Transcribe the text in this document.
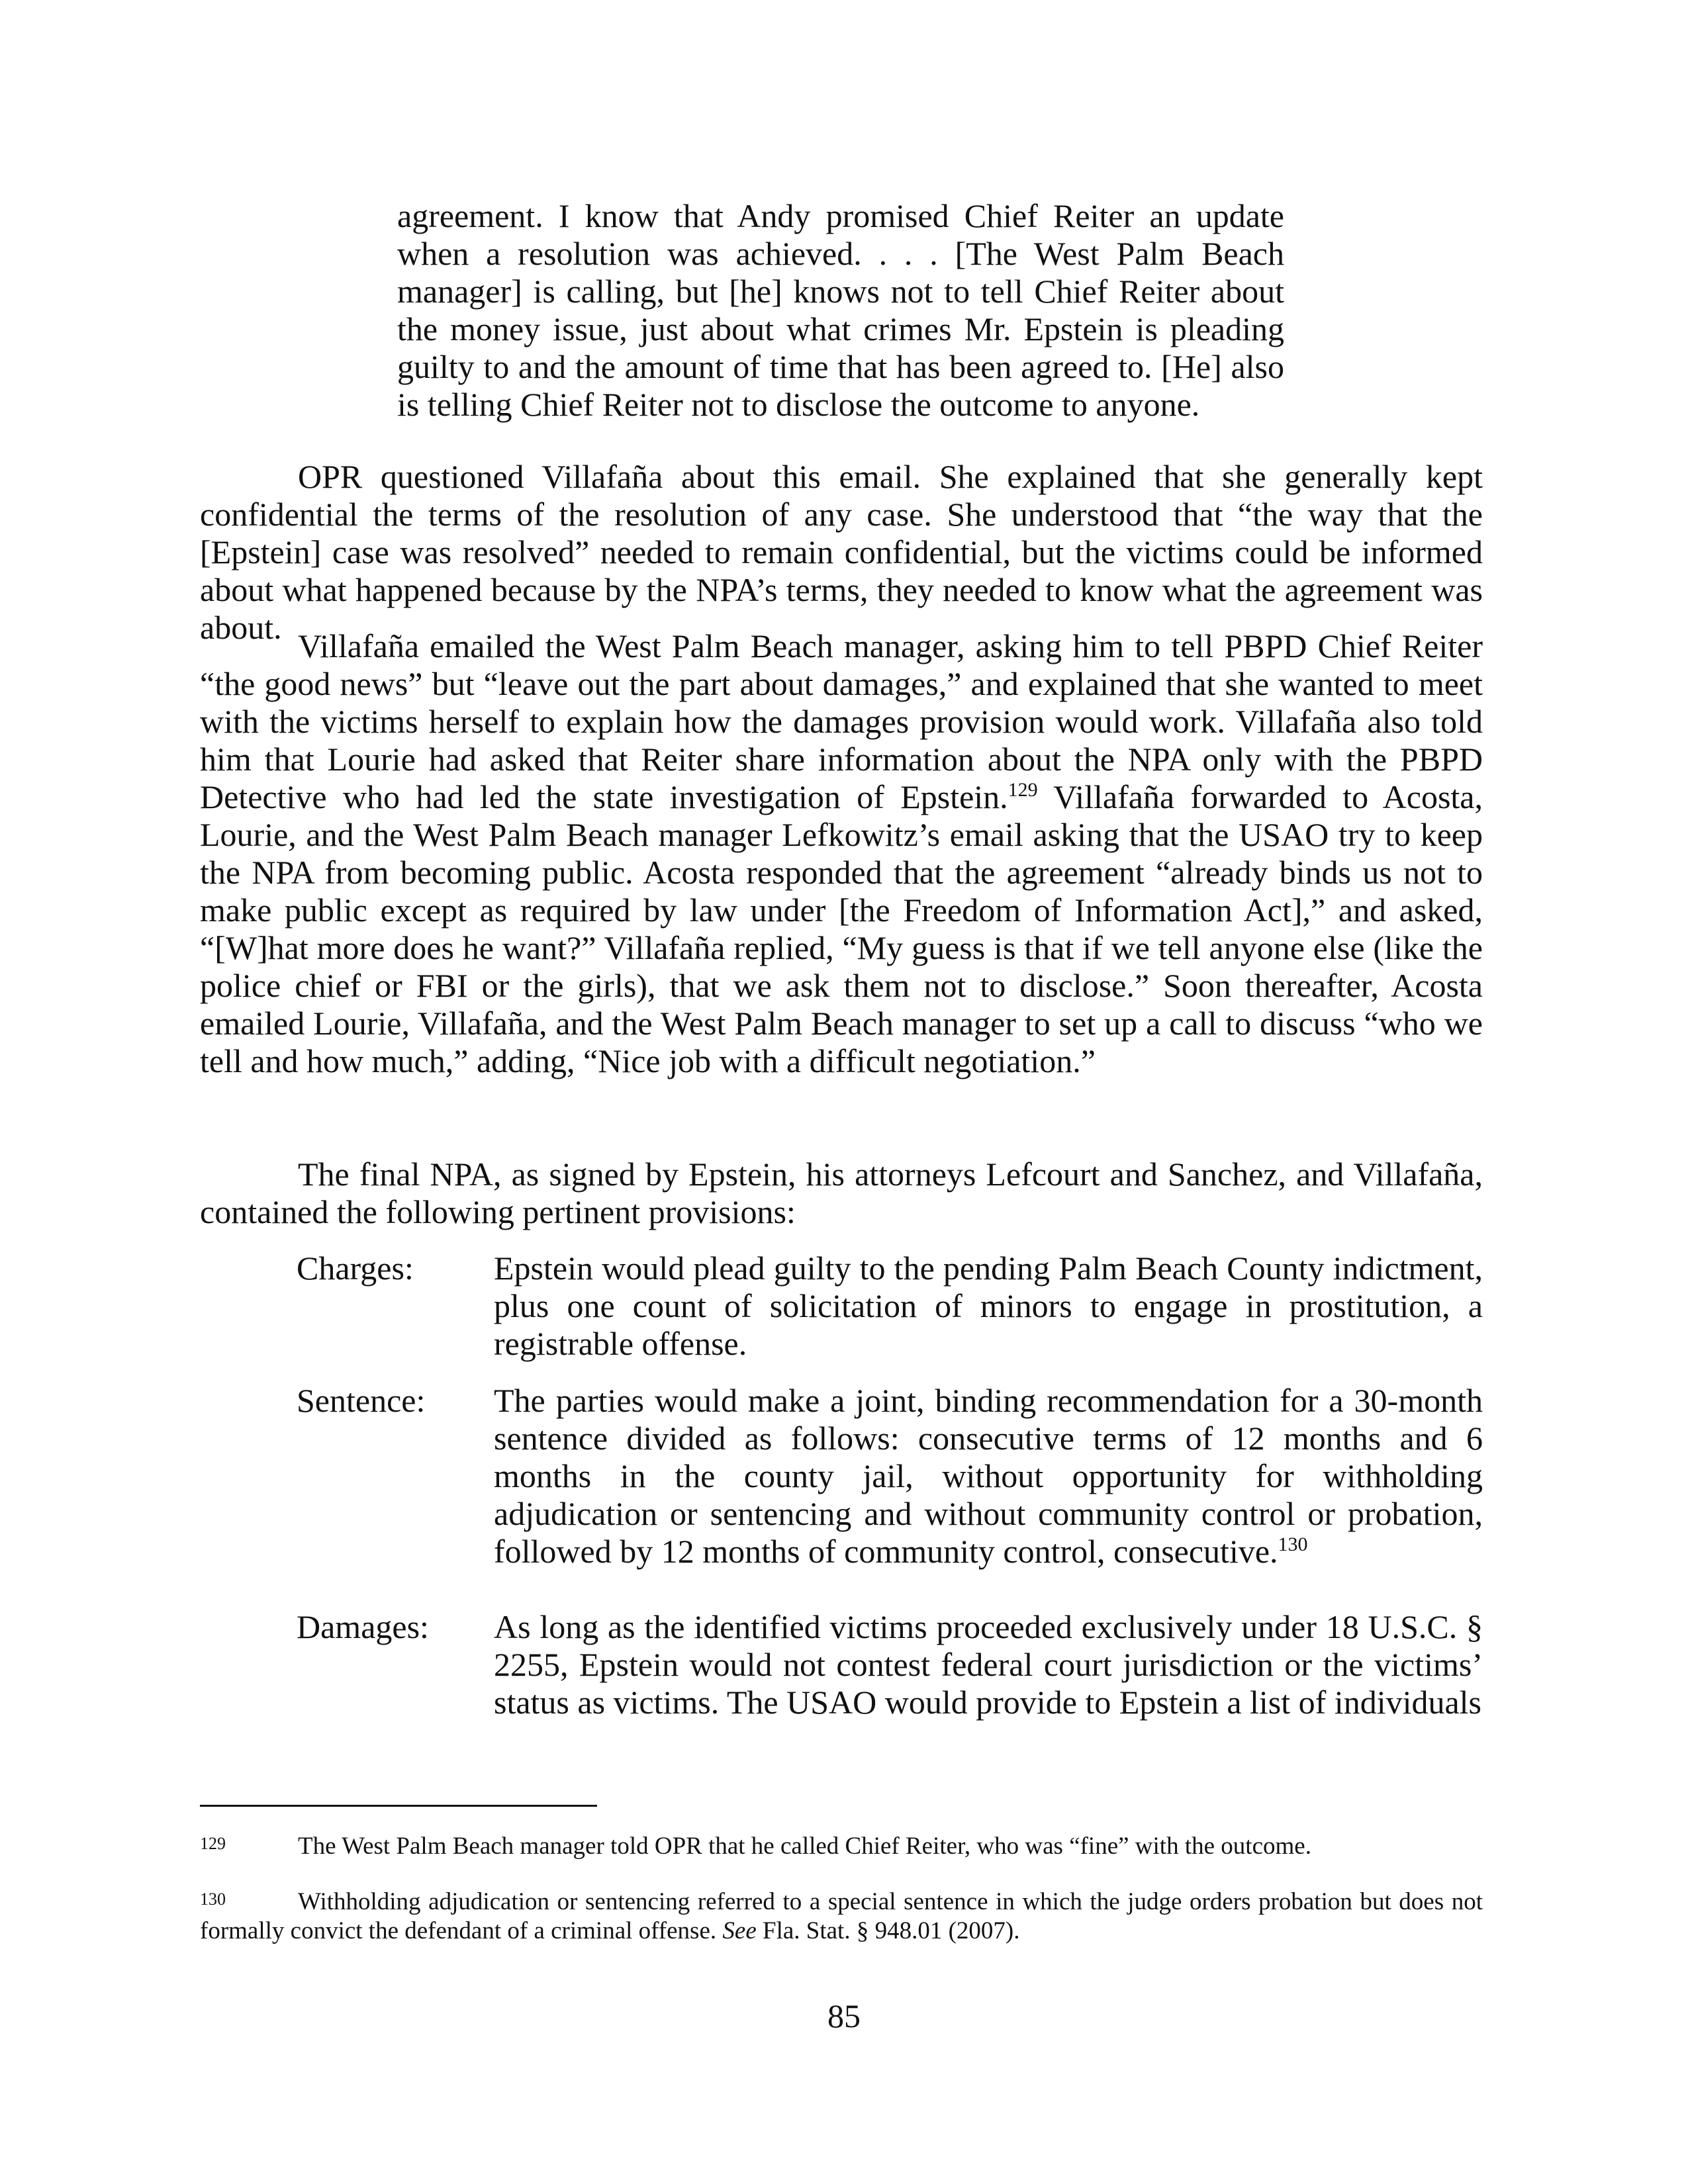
agreement. I know that Andy promised Chief Reiter an update when a resolution was achieved. . . . [The West Palm Beach manager] is calling, but [he] knows not to tell Chief Reiter about the money issue, just about what crimes Mr. Epstein is pleading guilty to and the amount of time that has been agreed to. [He] also is telling Chief Reiter not to disclose the outcome to anyone.

OPR questioned Villafaña about this email. She explained that she generally kept confidential the terms of the resolution of any case. She understood that “the way that the [Epstein] case was resolved” needed to remain confidential, but the victims could be informed about what happened because by the NPA’s terms, they needed to know what the agreement was about. Villafaña emailed the West Palm Beach manager, asking him to tell PBPD Chief Reiter “the good news” but “leave out the part about damages,” and explained that she wanted to meet with the victims herself to explain how the damages provision would work. Villafaña also told him that Lourie had asked that Reiter share information about the NPA only with the PBPD Detective who had led the state investigation of Epstein.$^{129}$ Villafaña forwarded to Acosta, Lourie, and the West Palm Beach manager Lefkowitz’s email asking that the USAO try to keep the NPA from becoming public. Acosta responded that the agreement “already binds us not to make public except as required by law under [the Freedom of Information Act],” and asked, “[W]hat more does he want?” Villafaña replied, “My guess is that if we tell anyone else (like the police chief or FBI or the girls), that we ask them not to disclose.” Soon thereafter, Acosta emailed Lourie, Villafaña, and the West Palm Beach manager to set up a call to discuss “who we tell and how much,” adding, “Nice job with a difficult negotiation.”

The final NPA, as signed by Epstein, his attorneys Lefcourt and Sanchez, and Villafaña, contained the following pertinent provisions:

Charges:	Epstein would plead guilty to the pending Palm Beach County indictment, plus one count of solicitation of minors to engage in prostitution, a registrable offense.
Sentence:	The parties would make a joint, binding recommendation for a 30-month sentence divided as follows: consecutive terms of 12 months and 6 months in the county jail, without opportunity for withholding adjudication or sentencing and without community control or probation, followed by 12 months of community control, consecutive.$^{130}$
Damages:	As long as the identified victims proceeded exclusively under 18 U.S.C. § 2255, Epstein would not contest federal court jurisdiction or the victims’ status as victims. The USAO would provide to Epstein a list of individuals
129	The West Palm Beach manager told OPR that he called Chief Reiter, who was “fine” with the outcome.

130	Withholding adjudication or sentencing referred to a special sentence in which the judge orders probation but does not formally convict the defendant of a criminal offense. See Fla. Stat. § 948.01 (2007).

85
